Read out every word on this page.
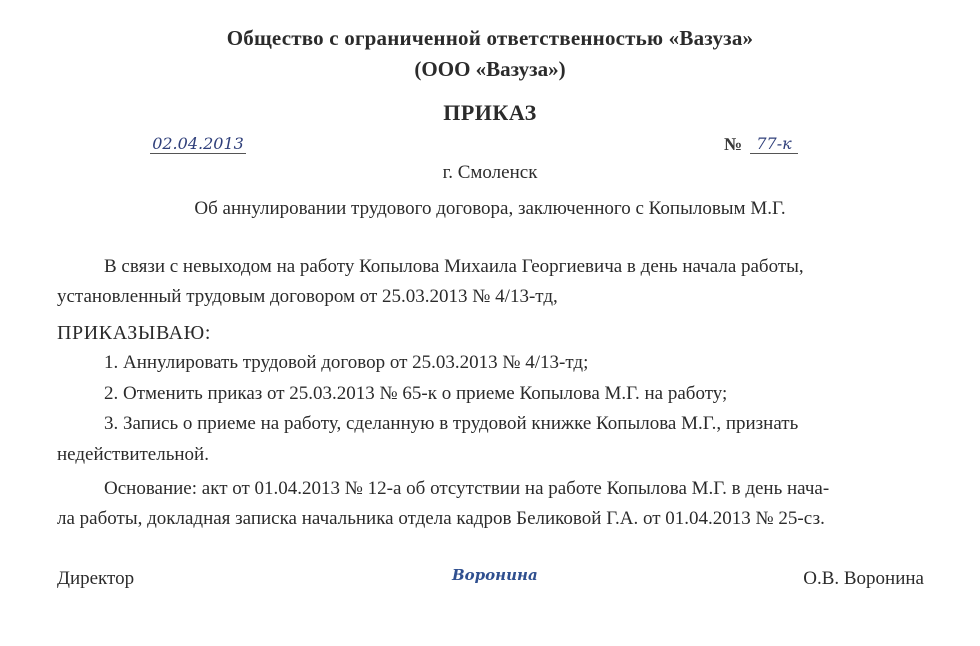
Общество с ограниченной ответственностью «Вазуза»
(ООО «Вазуза»)
ПРИКАЗ
02.04.2013	№ 77-к
г. Смоленск
Об аннулировании трудового договора, заключенного с Копыловым М.Г.
В связи с невыходом на работу Копылова Михаила Георгиевича в день начала работы,
установленный трудовым договором от 25.03.2013 № 4/13-тд,
ПРИКАЗЫВАЮ:
1. Аннулировать трудовой договор от 25.03.2013 № 4/13-тд;
2. Отменить приказ от 25.03.2013 № 65-к о приеме Копылова М.Г. на работу;
3. Запись о приеме на работу, сделанную в трудовой книжке Копылова М.Г., признать
недействительной.
Основание: акт от 01.04.2013 № 12-а об отсутствии на работе Копылова М.Г. в день нача-
ла работы, докладная записка начальника отдела кадров Беликовой Г.А. от 01.04.2013 № 25-сз.
Директор	Воронина	О.В. Воронина
